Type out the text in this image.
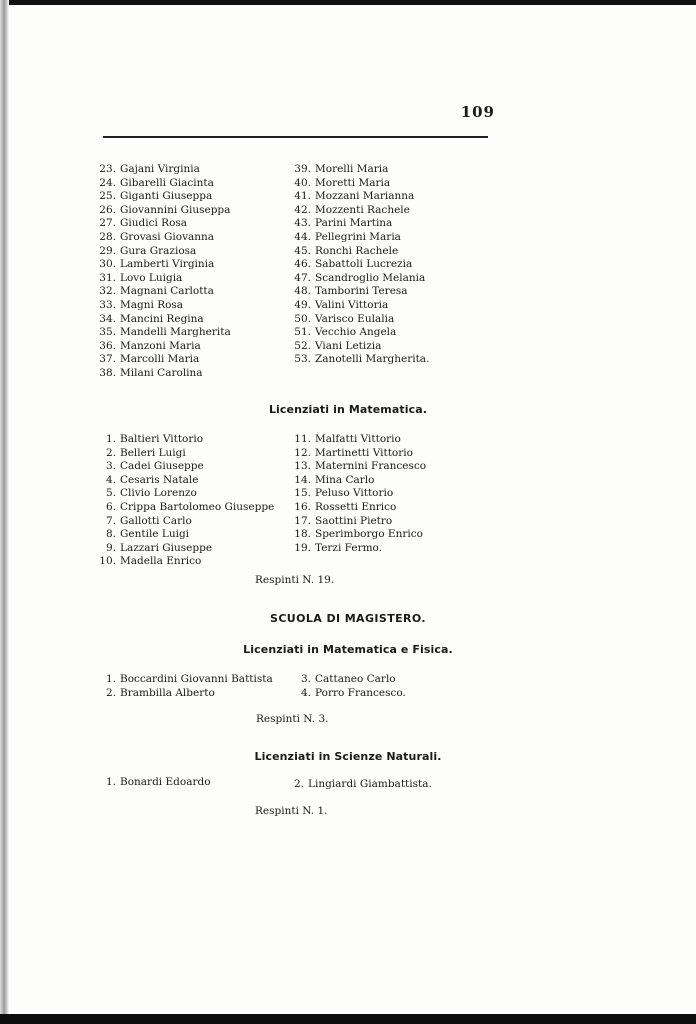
109
23. Gajani Virginia
24. Gibarelli Giacinta
25. Giganti Giuseppa
26. Giovannini Giuseppa
27. Giudici Rosa
28. Grovasi Giovanna
29. Gura Graziosa
30. Lamberti Virginia
31. Lovo Luigia
32. Magnani Carlotta
33. Magni Rosa
34. Mancini Regina
35. Mandelli Margherita
36. Manzoni Maria
37. Marcolli Maria
38. Milani Carolina
39. Morelli Maria
40. Moretti Maria
41. Mozzani Marianna
42. Mozzenti Rachele
43. Parini Martina
44. Pellegrini Maria
45. Ronchi Rachele
46. Sabattoli Lucrezia
47. Scandroglio Melania
48. Tamborini Teresa
49. Valini Vittoria
50. Varisco Eulalia
51. Vecchio Angela
52. Viani Letizia
53. Zanotelli Margherita.
Licenziati in Matematica.
1. Baltieri Vittorio
2. Belleri Luigi
3. Cadei Giuseppe
4. Cesaris Natale
5. Clivio Lorenzo
6. Crippa Bartolomeo Giuseppe
7. Gallotti Carlo
8. Gentile Luigi
9. Lazzari Giuseppe
10. Madella Enrico
11. Malfatti Vittorio
12. Martinetti Vittorio
13. Maternini Francesco
14. Mina Carlo
15. Peluso Vittorio
16. Rossetti Enrico
17. Saottini Pietro
18. Sperimborgo Enrico
19. Terzi Fermo.
Respinti N. 19.
SCUOLA DI MAGISTERO.
Licenziati in Matematica e Fisica.
1. Boccardini Giovanni Battista
2. Brambilla Alberto
3. Cattaneo Carlo
4. Porro Francesco.
Respinti N. 3.
Licenziati in Scienze Naturali.
1. Bonardi Edoardo	2. Lingiardi Giambattista.
Respinti N. 1.
